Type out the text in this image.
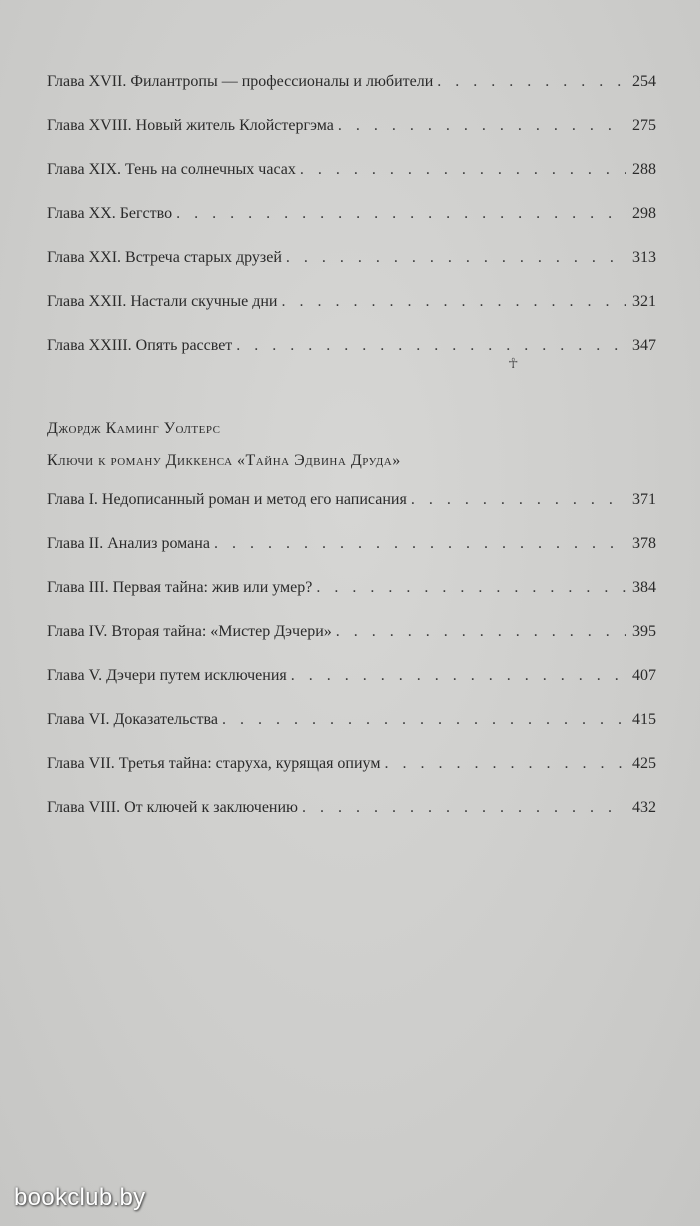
Глава XVII. Филантропы — профессионалы и любители . . .	254
Глава XVIII. Новый житель Клойстергэма . . .	275
Глава XIX. Тень на солнечных часах . . .	288
Глава XX. Бегство . . .	298
Глава XXI. Встреча старых друзей . . .	313
Глава XXII. Настали скучные дни . . .	321
Глава XXIII. Опять рассвет . . .	347
☥
Джордж Каминг Уолтерс
Ключи к роману Диккенса «Тайна Эдвина Друда»
Глава I. Недописанный роман и метод его написания . . .	371
Глава II. Анализ романа . . .	378
Глава III. Первая тайна: жив или умер? . . .	384
Глава IV. Вторая тайна: «Мистер Дэчери» . . .	395
Глава V. Дэчери путем исключения . . .	407
Глава VI. Доказательства . . .	415
Глава VII. Третья тайна: старуха, курящая опиум . . .	425
Глава VIII. От ключей к заключению . . .	432
bookclub.by
